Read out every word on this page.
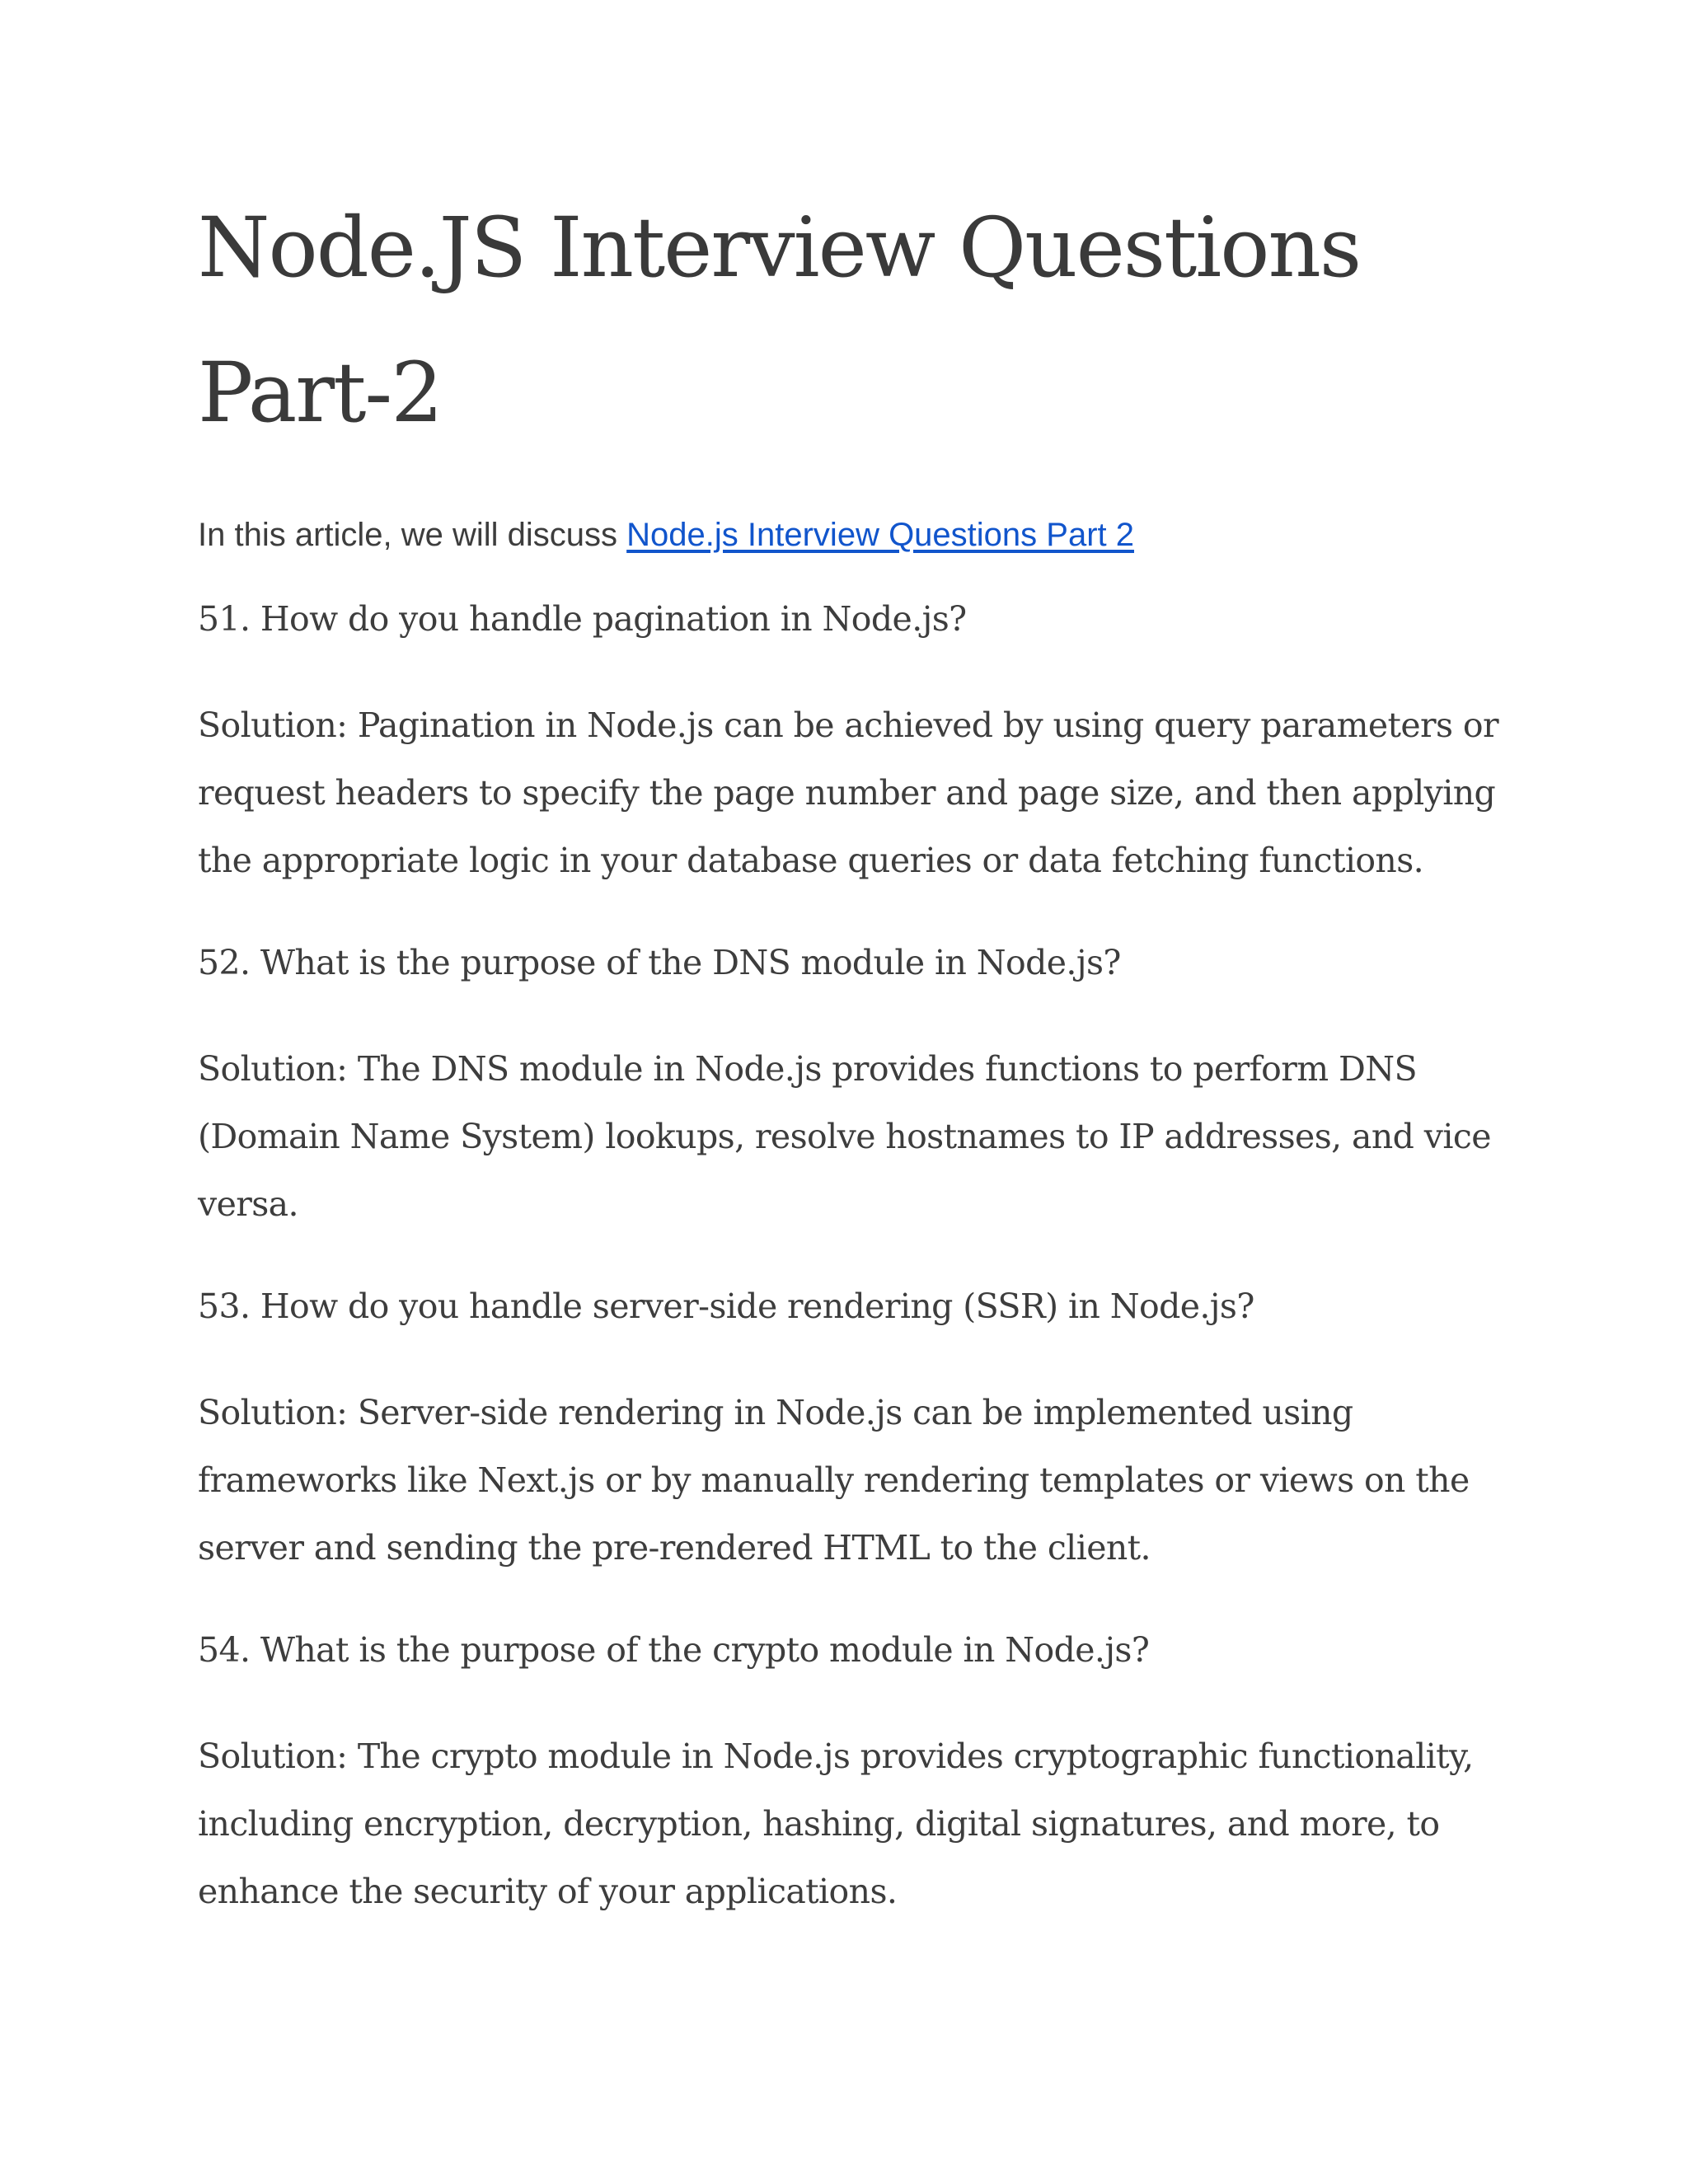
Node.JS Interview Questions Part-2
In this article, we will discuss Node.js Interview Questions Part 2

51. How do you handle pagination in Node.js?

Solution: Pagination in Node.js can be achieved by using query parameters or request headers to specify the page number and page size, and then applying the appropriate logic in your database queries or data fetching functions.

52. What is the purpose of the DNS module in Node.js?

Solution: The DNS module in Node.js provides functions to perform DNS (Domain Name System) lookups, resolve hostnames to IP addresses, and vice versa.

53. How do you handle server-side rendering (SSR) in Node.js?

Solution: Server-side rendering in Node.js can be implemented using frameworks like Next.js or by manually rendering templates or views on the server and sending the pre-rendered HTML to the client.

54. What is the purpose of the crypto module in Node.js?

Solution: The crypto module in Node.js provides cryptographic functionality, including encryption, decryption, hashing, digital signatures, and more, to enhance the security of your applications.
